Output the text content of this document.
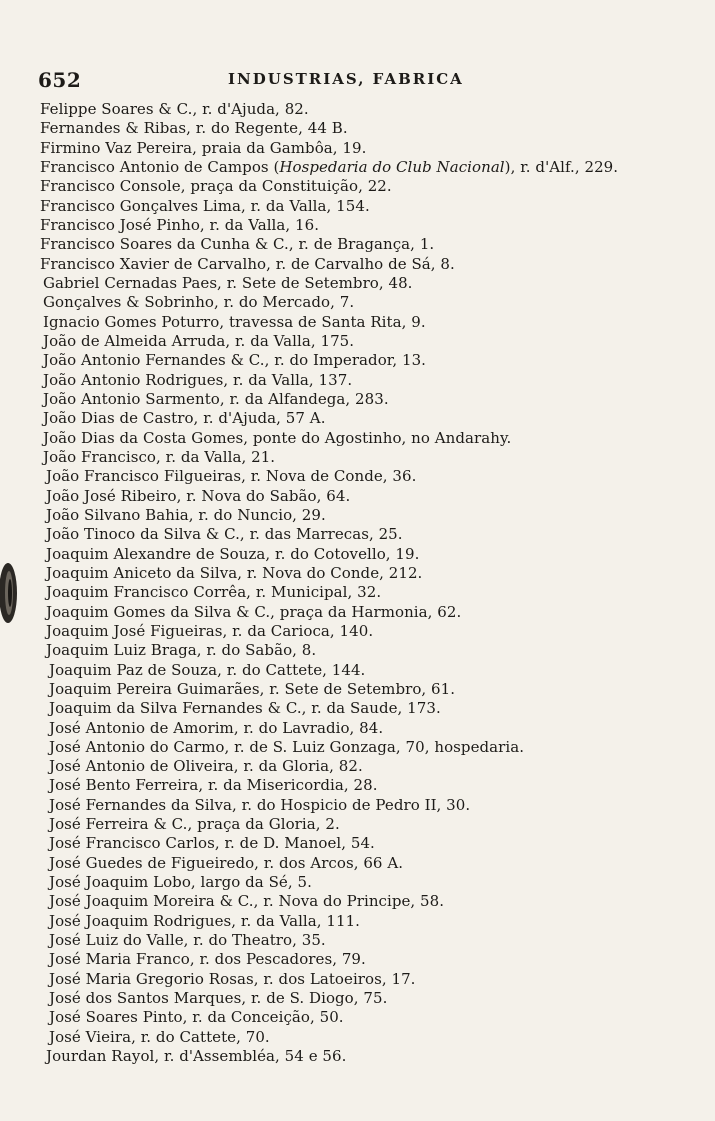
652	INDUSTRIAS, FABRICA
Felippe Soares & C., r. d'Ajuda, 82.
Fernandes & Ribas, r. do Regente, 44 B.
Firmino Vaz Pereira, praia da Gambôa, 19.
Francisco Antonio de Campos (Hospedaria do Club Nacional), r. d'Alf., 229.
Francisco Console, praça da Constituição, 22.
Francisco Gonçalves Lima, r. da Valla, 154.
Francisco José Pinho, r. da Valla, 16.
Francisco Soares da Cunha & C., r. de Bragança, 1.
Francisco Xavier de Carvalho, r. de Carvalho de Sá, 8.
Gabriel Cernadas Paes, r. Sete de Setembro, 48.
Gonçalves & Sobrinho, r. do Mercado, 7.
Ignacio Gomes Poturro, travessa de Santa Rita, 9.
João de Almeida Arruda, r. da Valla, 175.
João Antonio Fernandes & C., r. do Imperador, 13.
João Antonio Rodrigues, r. da Valla, 137.
João Antonio Sarmento, r. da Alfandega, 283.
João Dias de Castro, r. d'Ajuda, 57 A.
João Dias da Costa Gomes, ponte do Agostinho, no Andarahy.
João Francisco, r. da Valla, 21.
João Francisco Filgueiras, r. Nova de Conde, 36.
João José Ribeiro, r. Nova do Sabão, 64.
João Silvano Bahia, r. do Nuncio, 29.
João Tinoco da Silva & C., r. das Marrecas, 25.
Joaquim Alexandre de Souza, r. do Cotovello, 19.
Joaquim Aniceto da Silva, r. Nova do Conde, 212.
Joaquim Francisco Corrêa, r. Municipal, 32.
Joaquim Gomes da Silva & C., praça da Harmonia, 62.
Joaquim José Figueiras, r. da Carioca, 140.
Joaquim Luiz Braga, r. do Sabão, 8.
Joaquim Paz de Souza, r. do Cattete, 144.
Joaquim Pereira Guimarães, r. Sete de Setembro, 61.
Joaquim da Silva Fernandes & C., r. da Saude, 173.
José Antonio de Amorim, r. do Lavradio, 84.
José Antonio do Carmo, r. de S. Luiz Gonzaga, 70, hospedaria.
José Antonio de Oliveira, r. da Gloria, 82.
José Bento Ferreira, r. da Misericordia, 28.
José Fernandes da Silva, r. do Hospicio de Pedro II, 30.
José Ferreira & C., praça da Gloria, 2.
José Francisco Carlos, r. de D. Manoel, 54.
José Guedes de Figueiredo, r. dos Arcos, 66 A.
José Joaquim Lobo, largo da Sé, 5.
José Joaquim Moreira & C., r. Nova do Principe, 58.
José Joaquim Rodrigues, r. da Valla, 111.
José Luiz do Valle, r. do Theatro, 35.
José Maria Franco, r. dos Pescadores, 79.
José Maria Gregorio Rosas, r. dos Latoeiros, 17.
José dos Santos Marques, r. de S. Diogo, 75.
José Soares Pinto, r. da Conceição, 50.
José Vieira, r. do Cattete, 70.
Jourdan Rayol, r. d'Assembléa, 54 e 56.
